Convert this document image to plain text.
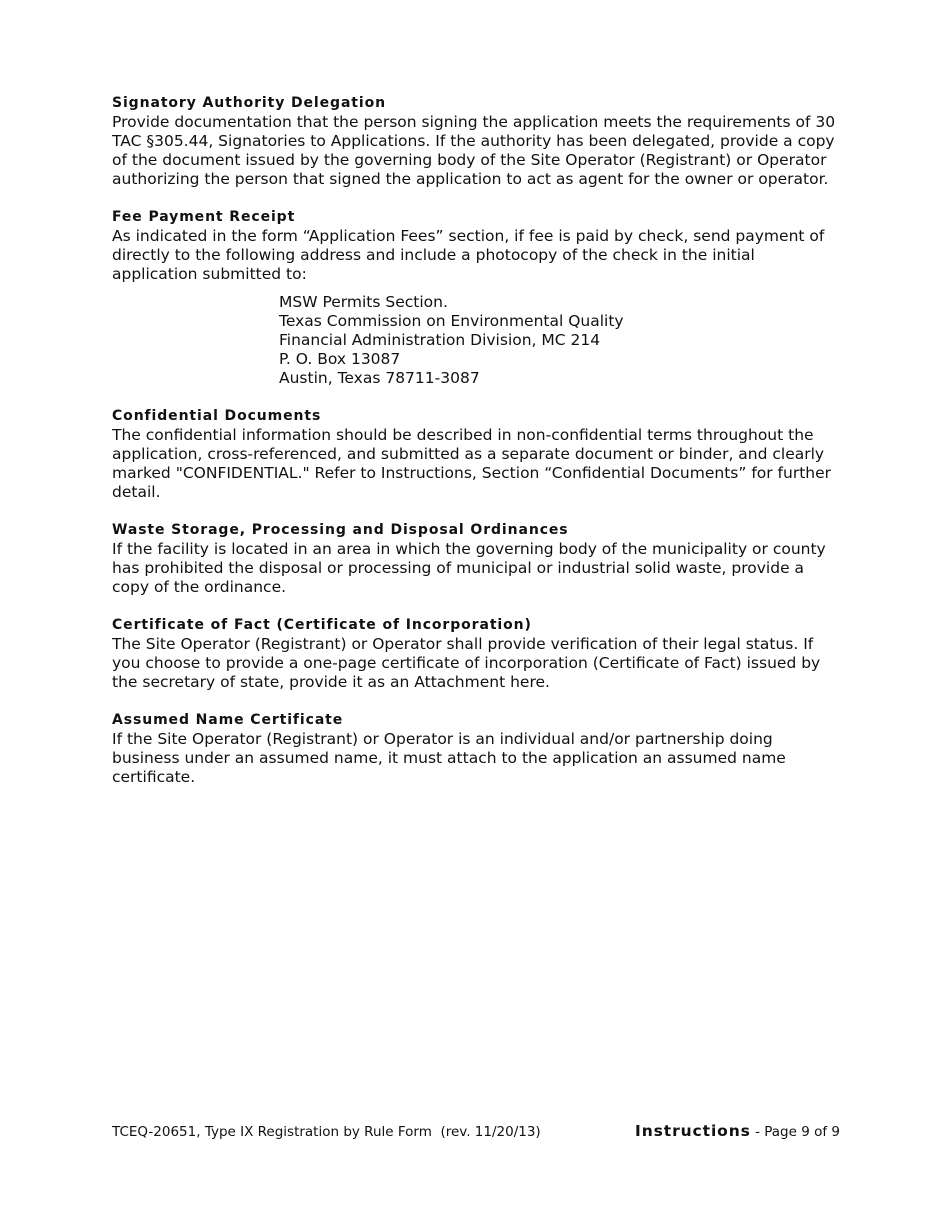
Signatory Authority Delegation

Provide documentation that the person signing the application meets the requirements of 30 TAC §305.44, Signatories to Applications. If the authority has been delegated, provide a copy of the document issued by the governing body of the Site Operator (Registrant) or Operator authorizing the person that signed the application to act as agent for the owner or operator.

Fee Payment Receipt

As indicated in the form “Application Fees” section, if fee is paid by check, send payment of directly to the following address and include a photocopy of the check in the initial application submitted to:

MSW Permits Section.
Texas Commission on Environmental Quality
Financial Administration Division, MC 214
P. O. Box 13087
Austin, Texas 78711-3087

Confidential Documents

The confidential information should be described in non-confidential terms throughout the application, cross-referenced, and submitted as a separate document or binder, and clearly marked "CONFIDENTIAL." Refer to Instructions, Section “Confidential Documents” for further detail.

Waste Storage, Processing and Disposal Ordinances

If the facility is located in an area in which the governing body of the municipality or county has prohibited the disposal or processing of municipal or industrial solid waste, provide a copy of the ordinance.

Certificate of Fact (Certificate of Incorporation)

The Site Operator (Registrant) or Operator shall provide verification of their legal status. If you choose to provide a one-page certificate of incorporation (Certificate of Fact) issued by the secretary of state, provide it as an Attachment here.

Assumed Name Certificate

If the Site Operator (Registrant) or Operator is an individual and/or partnership doing business under an assumed name, it must attach to the application an assumed name certificate.

TCEQ-20651, Type IX Registration by Rule Form  (rev. 11/20/13)	Instructions - Page 9 of 9
